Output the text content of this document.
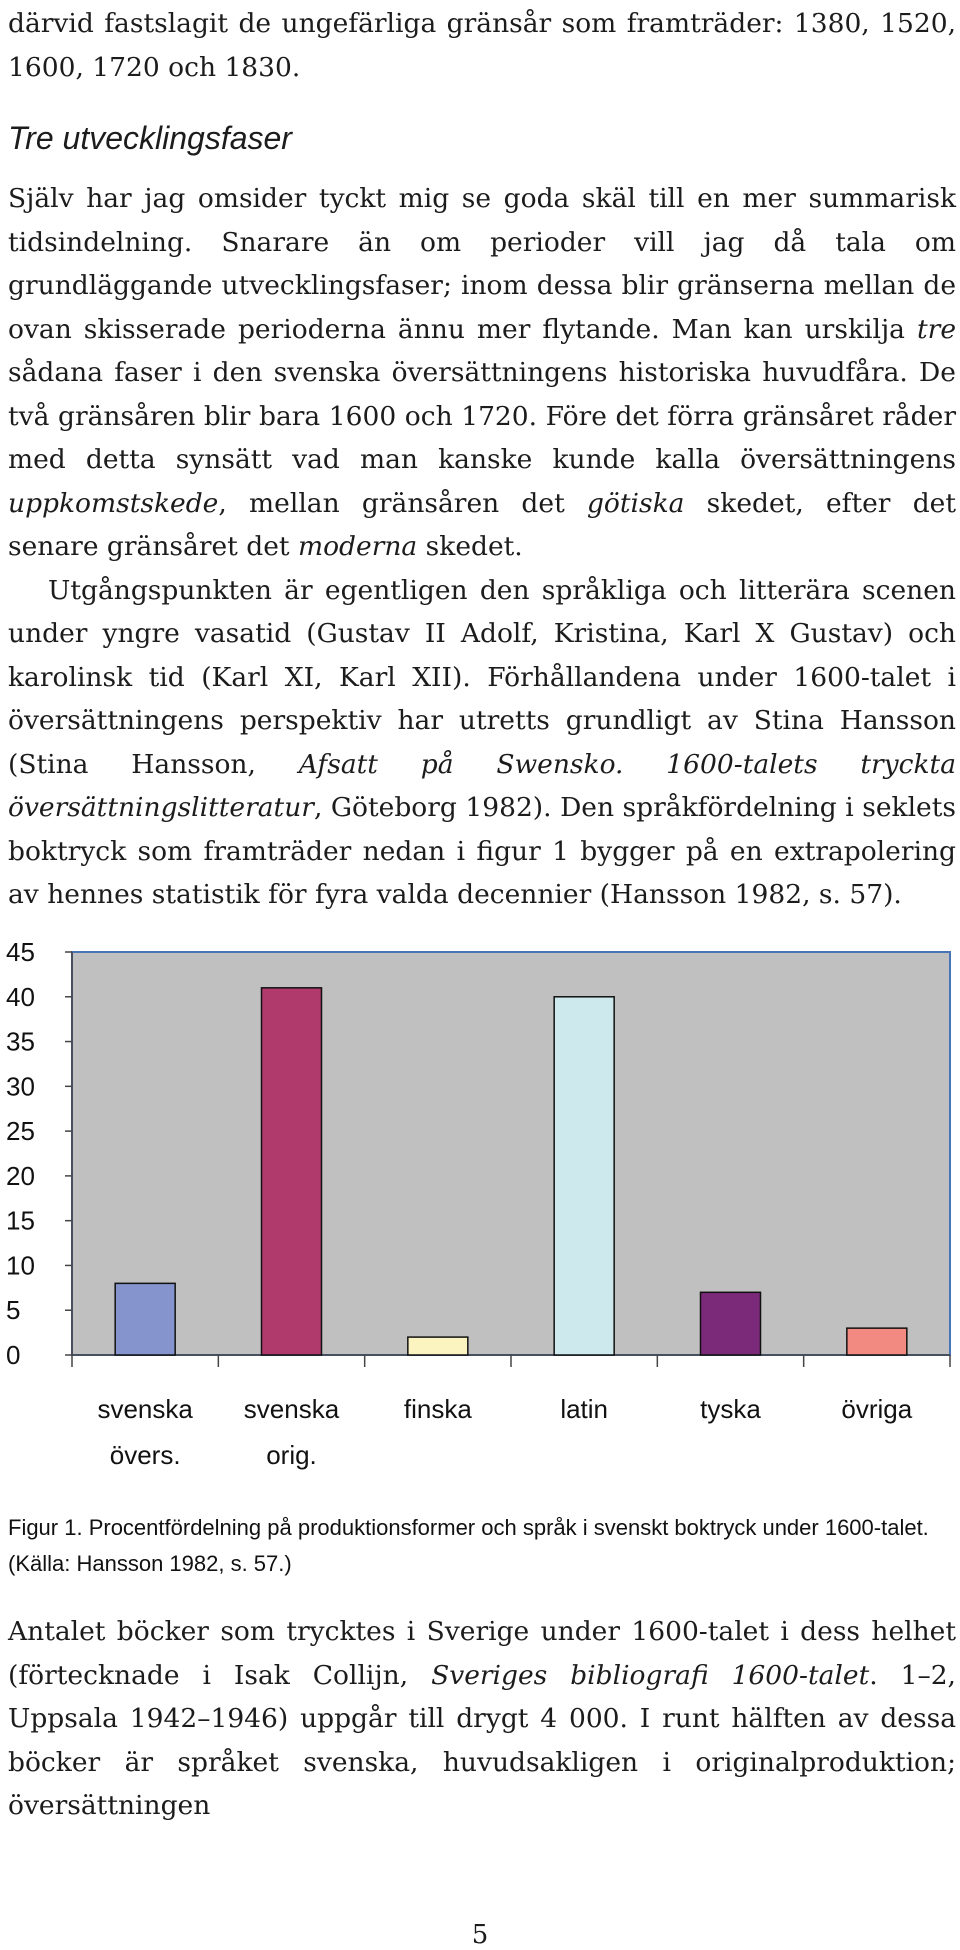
därvid fastslagit de ungefärliga gränsår som framträder: 1380, 1520, 1600, 1720 och 1830.

Tre utvecklingsfaser

Själv har jag omsider tyckt mig se goda skäl till en mer summarisk tidsindelning. Snarare än om perioder vill jag då tala om grundläggande utvecklingsfaser; inom dessa blir gränserna mellan de ovan skisserade perioderna ännu mer flytande. Man kan urskilja tre sådana faser i den svenska översättningens historiska huvudfåra. De två gränsåren blir bara 1600 och 1720. Före det förra gränsåret råder med detta synsätt vad man kanske kunde kalla översättningens uppkomstskede, mellan gränsåren det götiska skedet, efter det senare gränsåret det moderna skedet.

Utgångspunkten är egentligen den språkliga och litterära scenen under yngre vasatid (Gustav II Adolf, Kristina, Karl X Gustav) och karolinsk tid (Karl XI, Karl XII). Förhållandena under 1600-talet i översättningens perspektiv har utretts grundligt av Stina Hansson (Stina Hansson, Afsatt på Swensko. 1600-talets tryckta översättningslitteratur, Göteborg 1982). Den språkfördelning i seklets boktryck som framträder nedan i figur 1 bygger på en extrapolering av hennes statistik för fyra valda decennier (Hansson 1982, s. 57).

0
5
10
15
20
25
30
35
40
45
svenska
övers.
svenska
orig.
finska	latin	tyska	övriga
Figur 1. Procentfördelning på produktionsformer och språk i svenskt boktryck under 1600-talet. (Källa: Hansson 1982, s. 57.)

Antalet böcker som trycktes i Sverige under 1600-talet i dess helhet (förtecknade i Isak Collijn, Sveriges bibliografi 1600-talet. 1–2, Uppsala 1942–1946) uppgår till drygt 4 000. I runt hälften av dessa böcker är språket svenska, huvudsakligen i originalproduktion; översättningen

5
